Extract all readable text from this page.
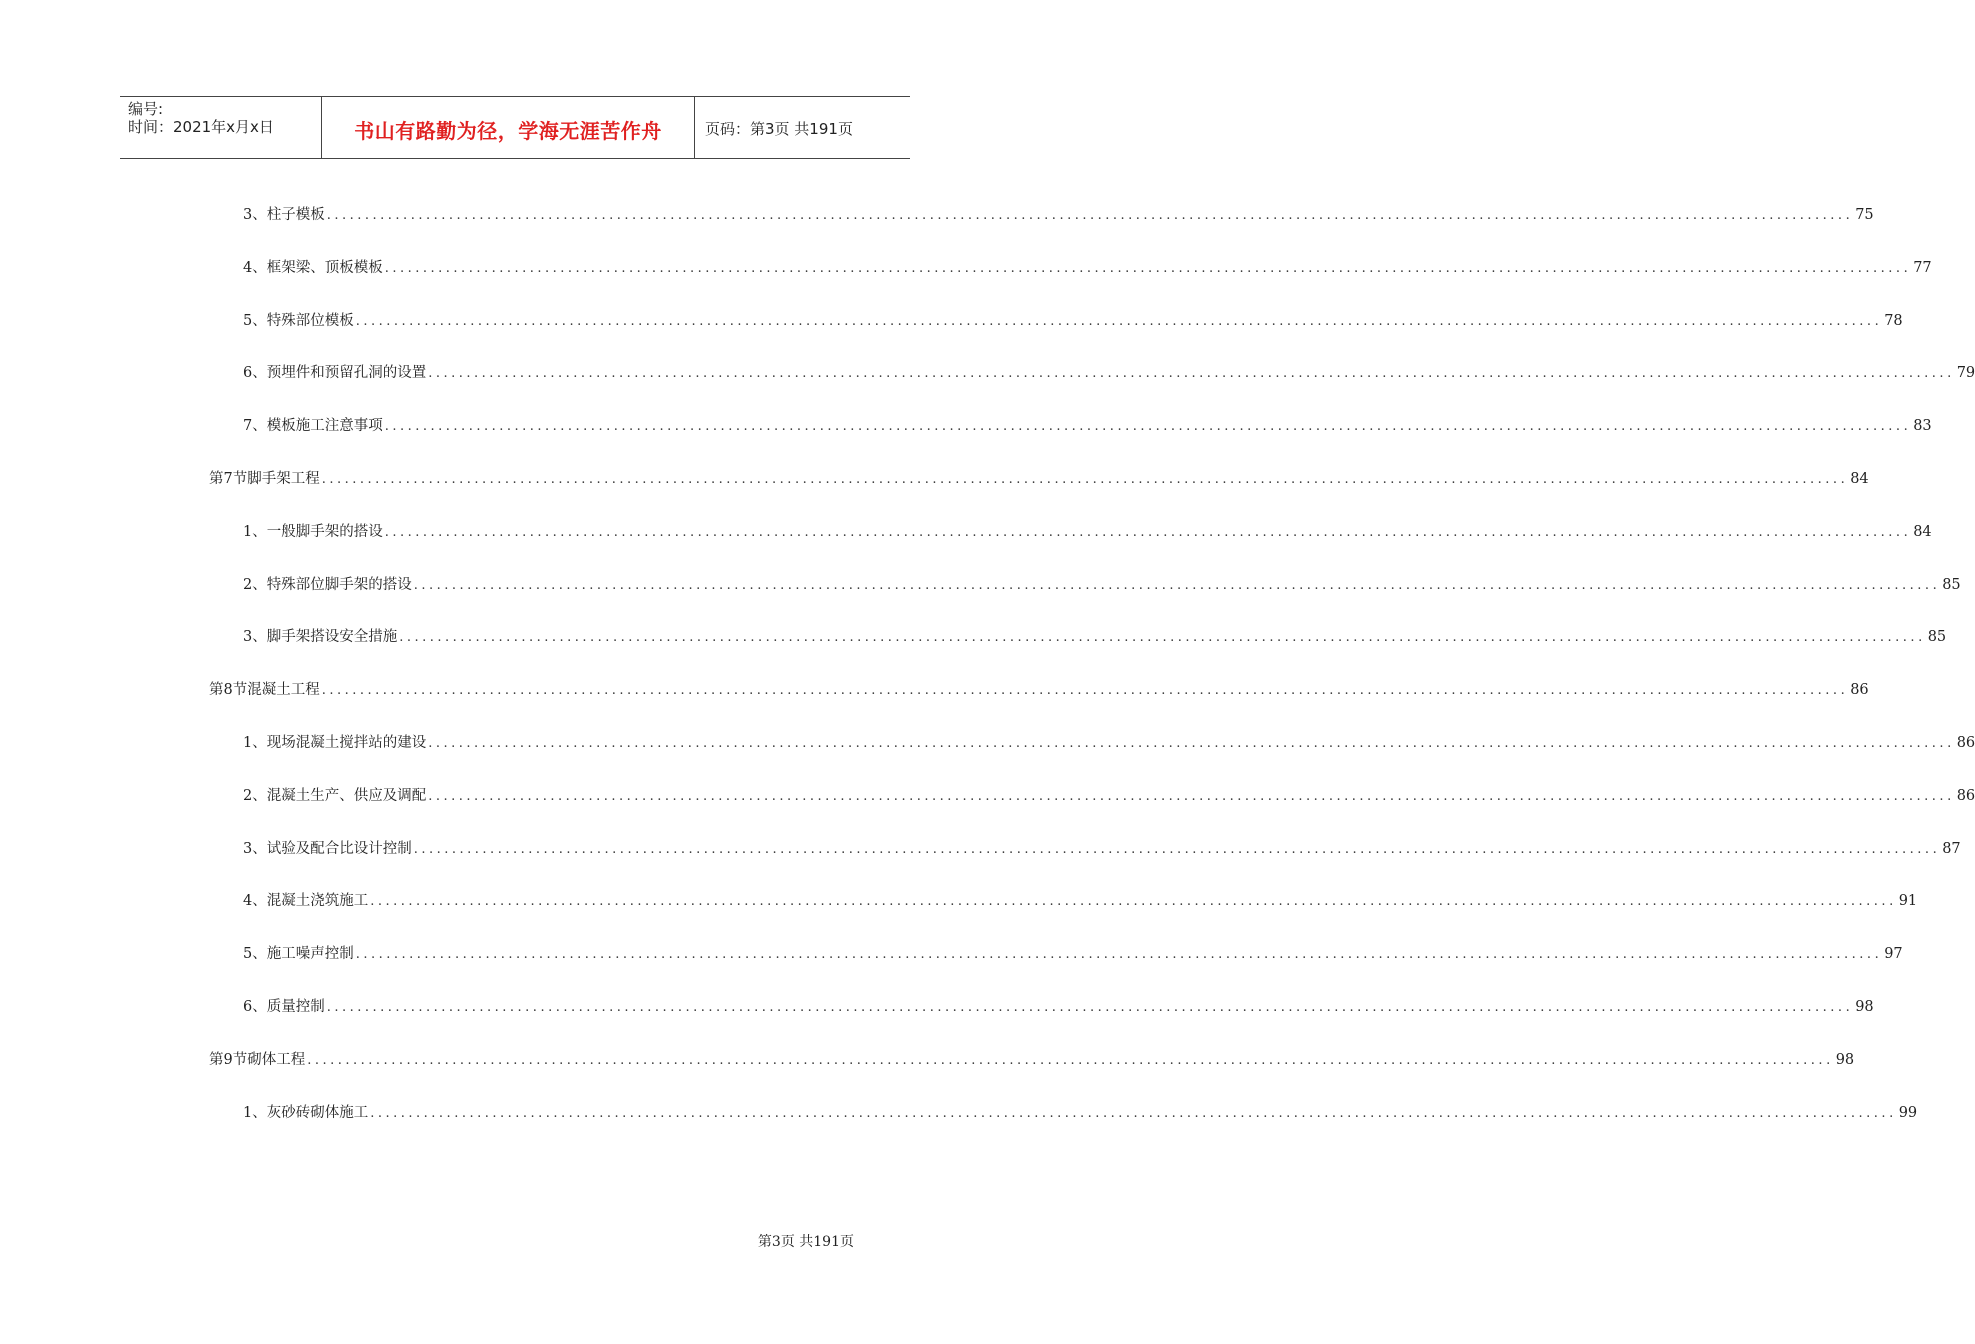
编号:
时间：2021年x月x日	书山有路勤为径，学海无涯苦作舟	页码：第3页 共191页
3、 柱子模板 ........................................................................................................................................................................................................ 75
4、 框架梁、顶板模板 ........................................................................................................................................................................................................ 77
5、 特殊部位模板 ........................................................................................................................................................................................................ 78
6、 预埋件和预留孔洞的设置 ........................................................................................................................................................................................................ 79
7、 模板施工注意事项 ........................................................................................................................................................................................................ 83
第7节 脚手架工程 ........................................................................................................................................................................................................ 84
1、 一般脚手架的搭设 ........................................................................................................................................................................................................ 84
2、 特殊部位脚手架的搭设 ........................................................................................................................................................................................................ 85
3、 脚手架搭设安全措施 ........................................................................................................................................................................................................ 85
第8节 混凝土工程 ........................................................................................................................................................................................................ 86
1、 现场混凝土搅拌站的建设 ........................................................................................................................................................................................................ 86
2、 混凝土生产、供应及调配 ........................................................................................................................................................................................................ 86
3、 试验及配合比设计控制 ........................................................................................................................................................................................................ 87
4、 混凝土浇筑施工 ........................................................................................................................................................................................................ 91
5、 施工噪声控制 ........................................................................................................................................................................................................ 97
6、 质量控制 ........................................................................................................................................................................................................ 98
第9节 砌体工程 ........................................................................................................................................................................................................ 98
1、 灰砂砖砌体施工 ........................................................................................................................................................................................................ 99
第3页 共191页
